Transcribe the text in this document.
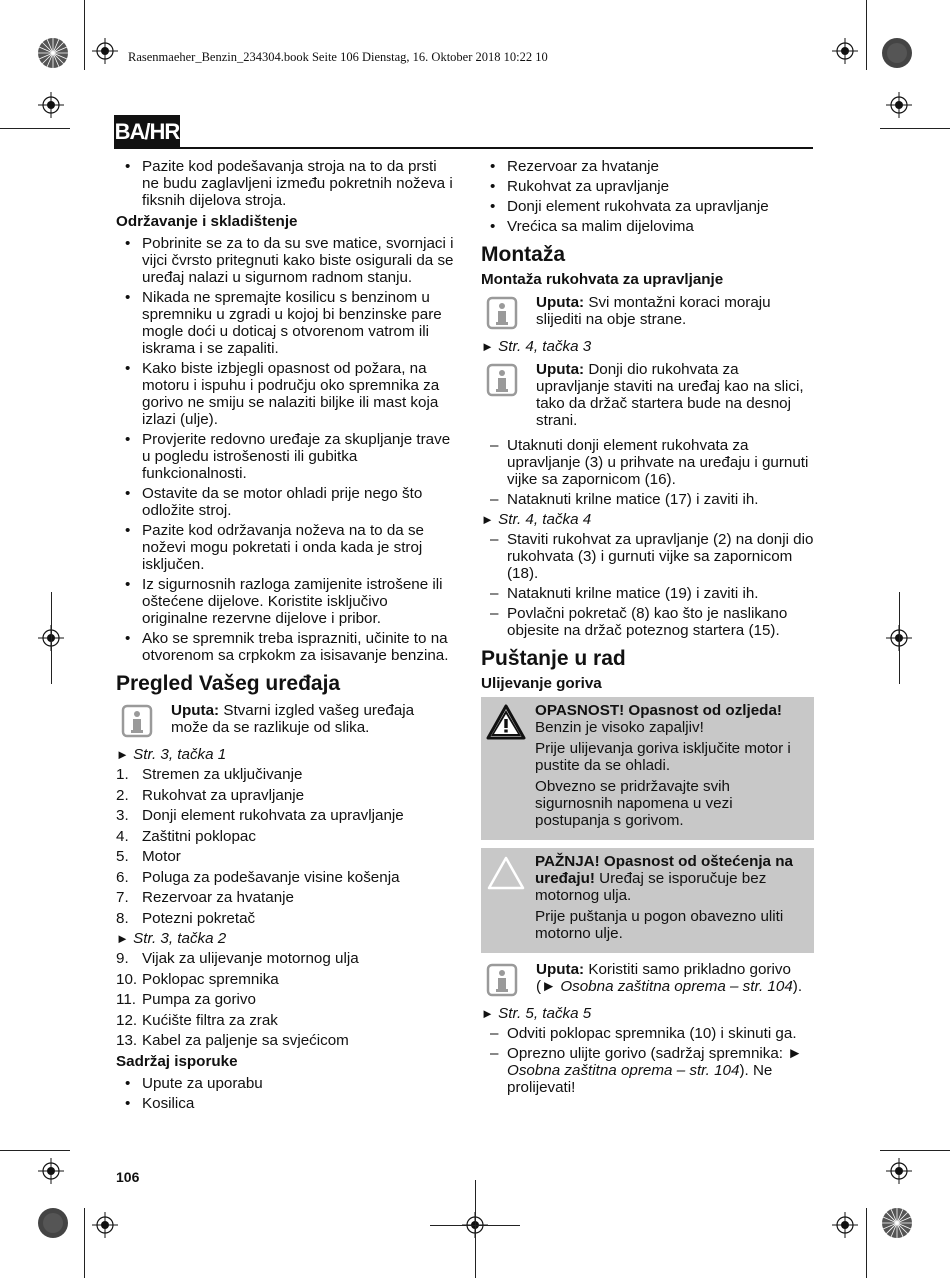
Rasenmaeher_Benzin_234304.book Seite 106 Dienstag, 16. Oktober 2018 10:22 10
BA/HR
• Pazite kod podešavanja stroja na to da prsti ne budu zaglavljeni između pokretnih noževa i fiksnih dijelova stroja.
Održavanje i skladištenje
• Pobrinite se za to da su sve matice, svornjaci i vijci čvrsto pritegnuti kako biste osigurali da se uređaj nalazi u sigurnom radnom stanju.
• Nikada ne spremajte kosilicu s benzinom u spremniku u zgradi u kojoj bi benzinske pare mogle doći u doticaj s otvorenom vatrom ili iskrama i se zapaliti.
• Kako biste izbjegli opasnost od požara, na motoru i ispuhu i području oko spremnika za gorivo ne smiju se nalaziti biljke ili mast koja izlazi (ulje).
• Provjerite redovno uređaje za skupljanje trave u pogledu istrošenosti ili gubitka funkcionalnosti.
• Ostavite da se motor ohladi prije nego što odložite stroj.
• Pazite kod održavanja noževa na to da se noževi mogu pokretati i onda kada je stroj isključen.
• Iz sigurnosnih razloga zamijenite istrošene ili oštećene dijelove. Koristite isključivo originalne rezervne dijelove i pribor.
• Ako se spremnik treba isprazniti, učinite to na otvorenom sa crpkokm za isisavanje benzina.
Pregled Vašeg uređaja
Uputa: Stvarni izgled vašeg uređaja može da se razlikuje od slika.
► Str. 3, tačka 1
1. Stremen za uključivanje
2. Rukohvat za upravljanje
3. Donji element rukohvata za upravljanje
4. Zaštitni poklopac
5. Motor
6. Poluga za podešavanje visine košenja
7. Rezervoar za hvatanje
8. Potezni pokretač
► Str. 3, tačka 2
9. Vijak za ulijevanje motornog ulja
10. Poklopac spremnika
11. Pumpa za gorivo
12. Kućište filtra za zrak
13. Kabel za paljenje sa svjećicom
Sadržaj isporuke
• Upute za uporabu
• Kosilica
• Rezervoar za hvatanje
• Rukohvat za upravljanje
• Donji element rukohvata za upravljanje
• Vrećica sa malim dijelovima
Montaža
Montaža rukohvata za upravljanje
Uputa: Svi montažni koraci moraju slijediti na obje strane.
► Str. 4, tačka 3
Uputa: Donji dio rukohvata za upravljanje staviti na uređaj kao na slici, tako da držač startera bude na desnoj strani.
– Utaknuti donji element rukohvata za upravljanje (3) u prihvate na uređaju i gurnuti vijke sa zapornicom (16).
– Nataknuti krilne matice (17) i zaviti ih.
► Str. 4, tačka 4
– Staviti rukohvat za upravljanje (2) na donji dio rukohvata (3) i gurnuti vijke sa zapornicom (18).
– Nataknuti krilne matice (19) i zaviti ih.
– Povlačni pokretač (8) kao što je naslikano objesite na držač poteznog startera (15).
Puštanje u rad
Ulijevanje goriva

OPASNOST! Opasnost od ozljeda!
Benzin je visoko zapaljiv!

Prije ulijevanja goriva isključite motor i pustite da se ohladi.

Obvezno se pridržavajte svih sigurnosnih napomena u vezi postupanja s gorivom.

PAŽNJA! Opasnost od oštećenja na uređaju! Uređaj se isporučuje bez motornog ulja.

Prije puštanja u pogon obavezno uliti motorno ulje.

Uputa: Koristiti samo prikladno gorivo (► Osobna zaštitna oprema – str. 104).
► Str. 5, tačka 5
– Odviti poklopac spremnika (10) i skinuti ga.
– Oprezno ulijte gorivo (sadržaj spremnika: ► Osobna zaštitna oprema – str. 104). Ne prolijevati!
106
